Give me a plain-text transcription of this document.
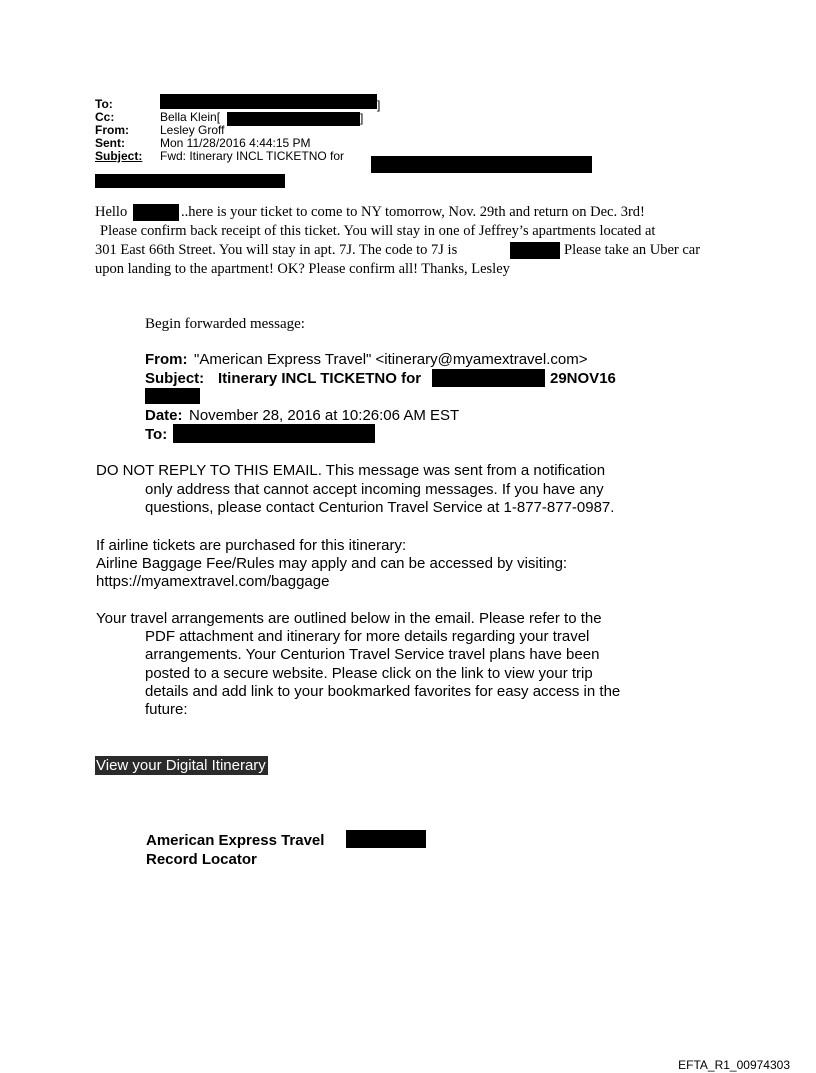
To:
Cc:	Bella Klein[
From:	Lesley Groff
Sent:	Mon 11/28/2016 4:44:15 PM
Subject: Fwd: Itinerary INCL TICKETNO for
]
]
Hello	..here is your ticket to come to NY tomorrow, Nov. 29th and return on Dec. 3rd!
Please confirm back receipt of this ticket. You will stay in one of Jeffrey’s apartments located at
301 East 66th Street. You will stay in apt. 7J. The code to 7J is	Please take an Uber car
upon landing to the apartment! OK? Please confirm all! Thanks, Lesley
Begin forwarded message:
From: "American Express Travel" <itinerary@myamextravel.com>
Subject: Itinerary INCL TICKETNO for	29NOV16
Date: November 28, 2016 at 10:26:06 AM EST
To:
DO NOT REPLY TO THIS EMAIL. This message was sent from a notification
only address that cannot accept incoming messages. If you have any
questions, please contact Centurion Travel Service at 1-877-877-0987.
If airline tickets are purchased for this itinerary:
Airline Baggage Fee/Rules may apply and can be accessed by visiting:
https://myamextravel.com/baggage
Your travel arrangements are outlined below in the email. Please refer to the
PDF attachment and itinerary for more details regarding your travel
arrangements. Your Centurion Travel Service travel plans have been
posted to a secure website. Please click on the link to view your trip
details and add link to your bookmarked favorites for easy access in the
future:
View your Digital Itinerary
American Express Travel
Record Locator
EFTA_R1_00974303
